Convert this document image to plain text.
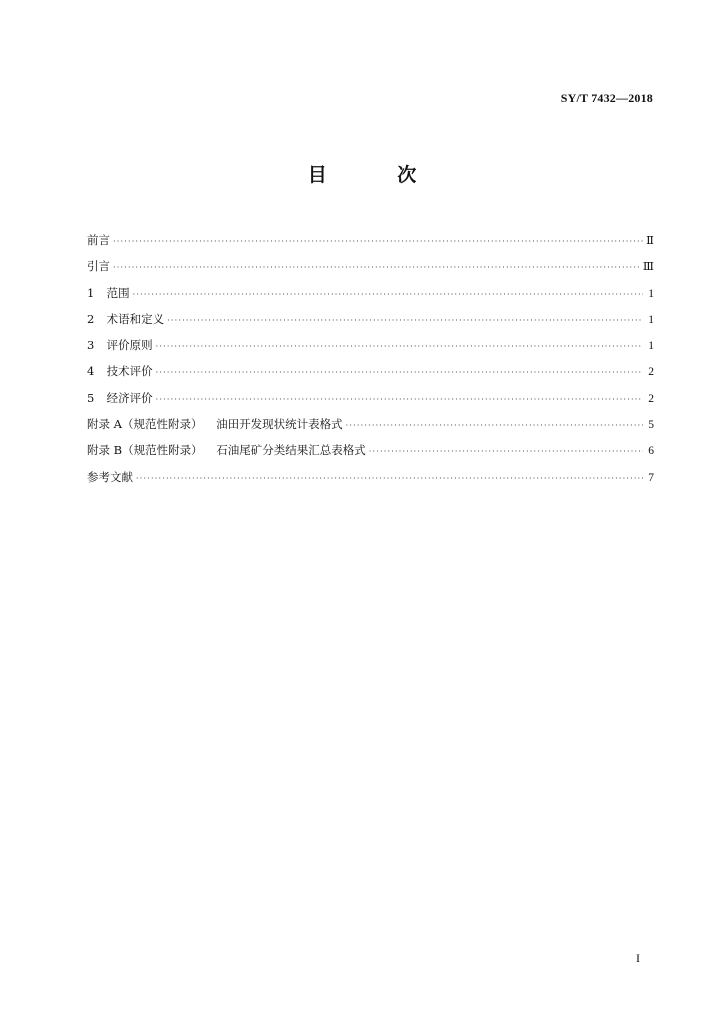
SY/T 7432—2018
目 次
前言 ·····	Ⅱ
引言 ·····	Ⅲ
1 范围 ·····	1
2 术语和定义 ·····	1
3 评价原则 ·····	1
4 技术评价 ·····	2
5 经济评价 ·····	2
附录 A（规范性附录） 油田开发现状统计表格式 ·····	5
附录 B（规范性附录） 石油尾矿分类结果汇总表格式 ·····	6
参考文献 ·····	7
I
